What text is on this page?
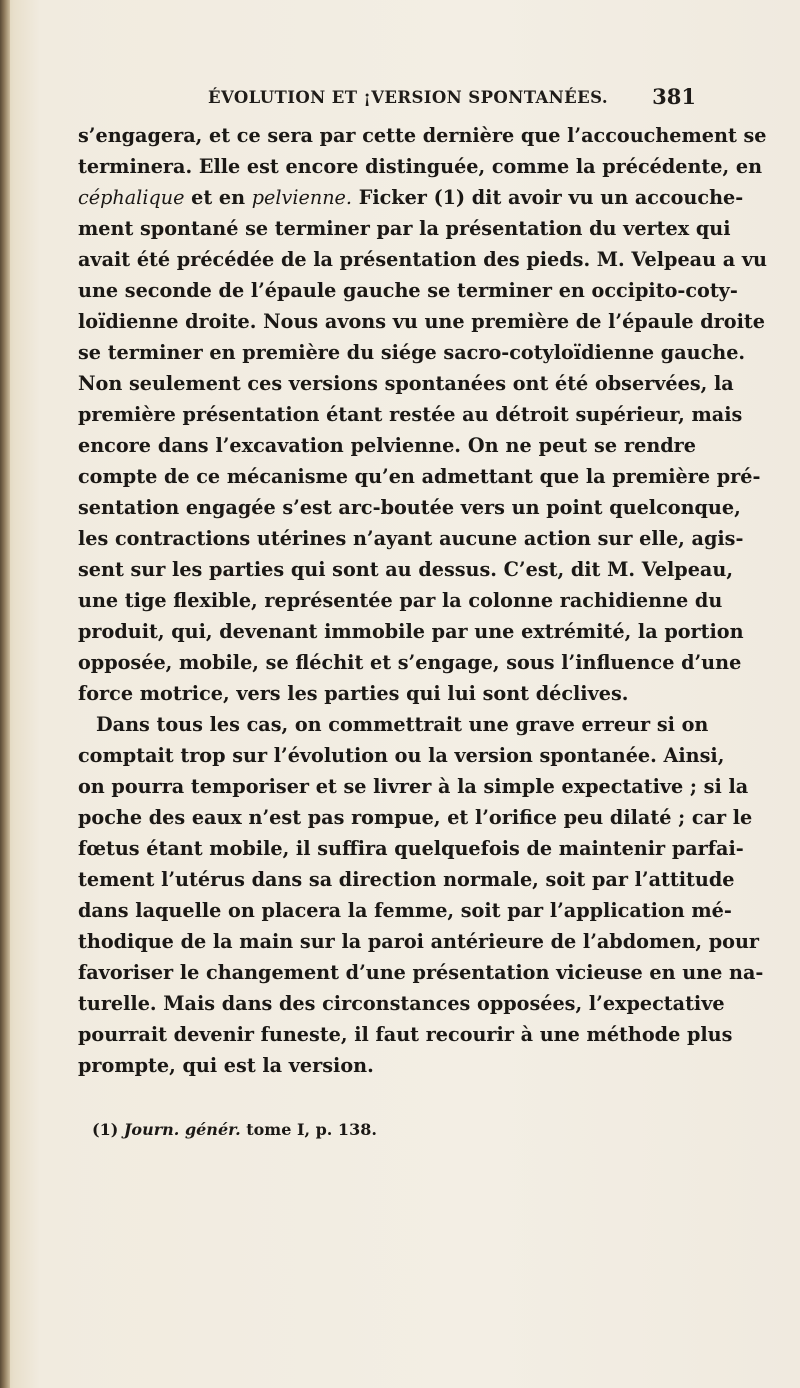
ÉVOLUTION ET ¡VERSION SPONTANÉES. 381
s’engagera, et ce sera par cette dernière que l’accouchement se
terminera. Elle est encore distinguée, comme la précédente, en
céphalique et en pelvienne. Ficker (1) dit avoir vu un accouche-
ment spontané se terminer par la présentation du vertex qui
avait été précédée de la présentation des pieds. M. Velpeau a vu
une seconde de l’épaule gauche se terminer en occipito-coty-
loïdienne droite. Nous avons vu une première de l’épaule droite
se terminer en première du siége sacro-cotyloïdienne gauche.
Non seulement ces versions spontanées ont été observées, la
première présentation étant restée au détroit supérieur, mais
encore dans l’excavation pelvienne. On ne peut se rendre
compte de ce mécanisme qu’en admettant que la première pré-
sentation engagée s’est arc-boutée vers un point quelconque,
les contractions utérines n’ayant aucune action sur elle, agis-
sent sur les parties qui sont au dessus. C’est, dit M. Velpeau,
une tige flexible, représentée par la colonne rachidienne du
produit, qui, devenant immobile par une extrémité, la portion
opposée, mobile, se fléchit et s’engage, sous l’influence d’une
force motrice, vers les parties qui lui sont déclives.
Dans tous les cas, on commettrait une grave erreur si on
comptait trop sur l’évolution ou la version spontanée. Ainsi,
on pourra temporiser et se livrer à la simple expectative ; si la
poche des eaux n’est pas rompue, et l’orifice peu dilaté ; car le
fœtus étant mobile, il suffira quelquefois de maintenir parfai-
tement l’utérus dans sa direction normale, soit par l’attitude
dans laquelle on placera la femme, soit par l’application mé-
thodique de la main sur la paroi antérieure de l’abdomen, pour
favoriser le changement d’une présentation vicieuse en une na-
turelle. Mais dans des circonstances opposées, l’expectative
pourrait devenir funeste, il faut recourir à une méthode plus
prompte, qui est la version.
(1) Journ. génér. tome I, p. 138.
